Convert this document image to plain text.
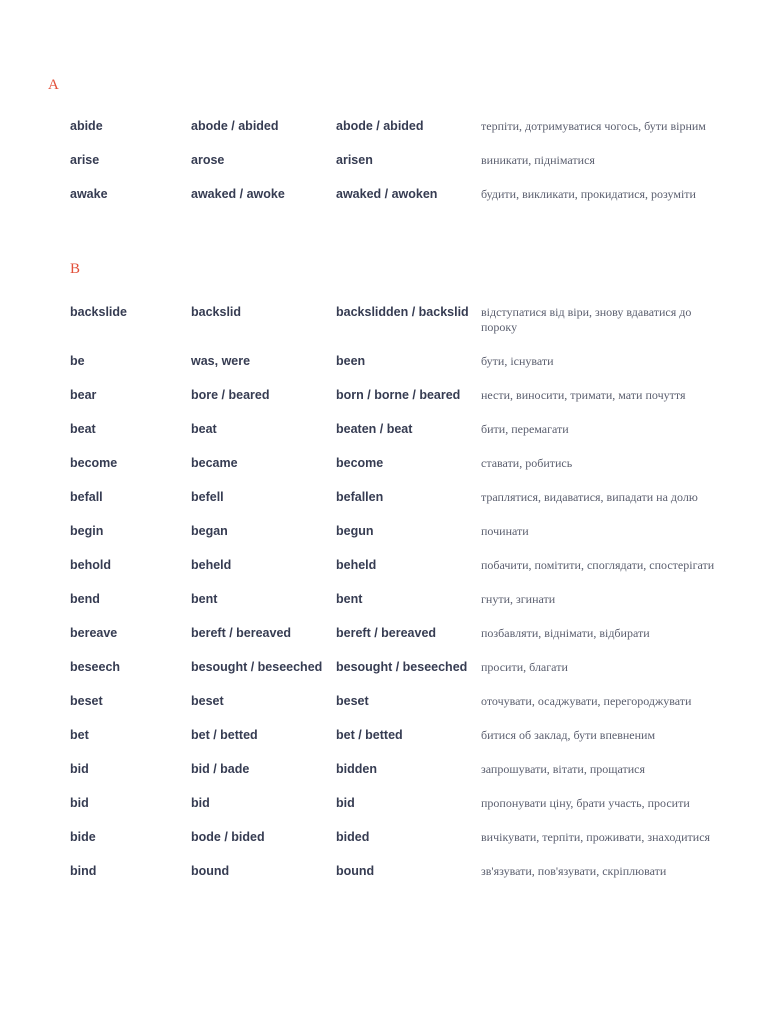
A
	abide	abode / abided	abode / abided	терпіти, дотримуватися чогось, бути вірним
	arise	arose	arisen	виникати, підніматися
	awake	awaked / awoke	awaked / awoken	будити, викликати, прокидатися, розуміти
B
	backslide	backslid	backslidden / backslid	відступатися від віри, знову вдаватися до пороку
	be	was, were	been	бути, існувати
	bear	bore / beared	born / borne / beared	нести, виносити, тримати, мати почуття
	beat	beat	beaten / beat	бити, перемагати
	become	became	become	ставати, робитись
	befall	befell	befallen	траплятися, видаватися, випадати на долю
	begin	began	begun	починати
	behold	beheld	beheld	побачити, помітити, споглядати, спостерігати
	bend	bent	bent	гнути, згинати
	bereave	bereft / bereaved	bereft / bereaved	позбавляти, віднімати, відбирати
	beseech	besought / beseeched	besought / beseeched	просити, благати
	beset	beset	beset	оточувати, осаджувати, перегороджувати
	bet	bet / betted	bet / betted	битися об заклад, бути впевненим
	bid	bid / bade	bidden	запрошувати, вітати, прощатися
	bid	bid	bid	пропонувати ціну, брати участь, просити
	bide	bode / bided	bided	вичікувати, терпіти, проживати, знаходитися
	bind	bound	bound	зв'язувати, пов'язувати, скріплювати
